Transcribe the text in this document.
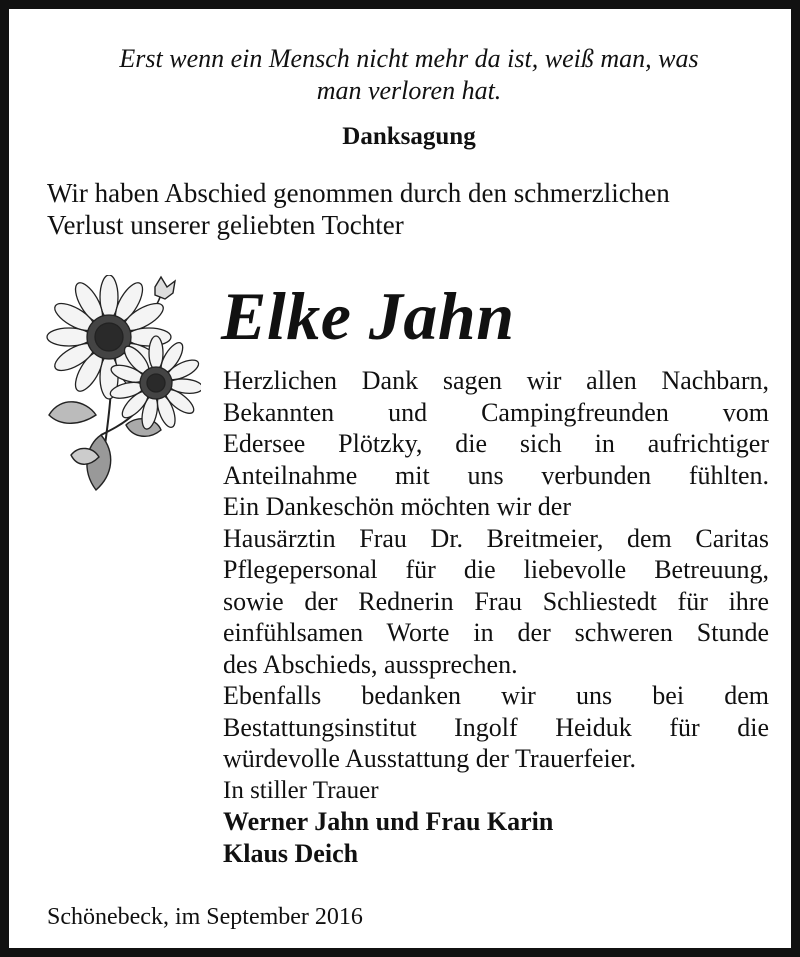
Erst wenn ein Mensch nicht mehr da ist, weiß man, was
man verloren hat.
Danksagung
Wir haben Abschied genommen durch den schmerzlichen
Verlust unserer geliebten Tochter
Elke Jahn
Herzlichen Dank sagen wir allen Nachbarn,
Bekannten und Campingfreunden vom
Edersee Plötzky, die sich in aufrichtiger
Anteilnahme mit uns verbunden fühlten.
Ein Dankeschön möchten wir der
Hausärztin Frau Dr. Breitmeier, dem Caritas
Pflegepersonal für die liebevolle Betreuung,
sowie der Rednerin Frau Schliestedt für ihre
einfühlsamen Worte in der schweren Stunde
des Abschieds, aussprechen.
Ebenfalls bedanken wir uns bei dem
Bestattungsinstitut Ingolf Heiduk für die
würdevolle Ausstattung der Trauerfeier.
In stiller Trauer
Werner Jahn und Frau Karin
Klaus Deich
Schönebeck, im September 2016
